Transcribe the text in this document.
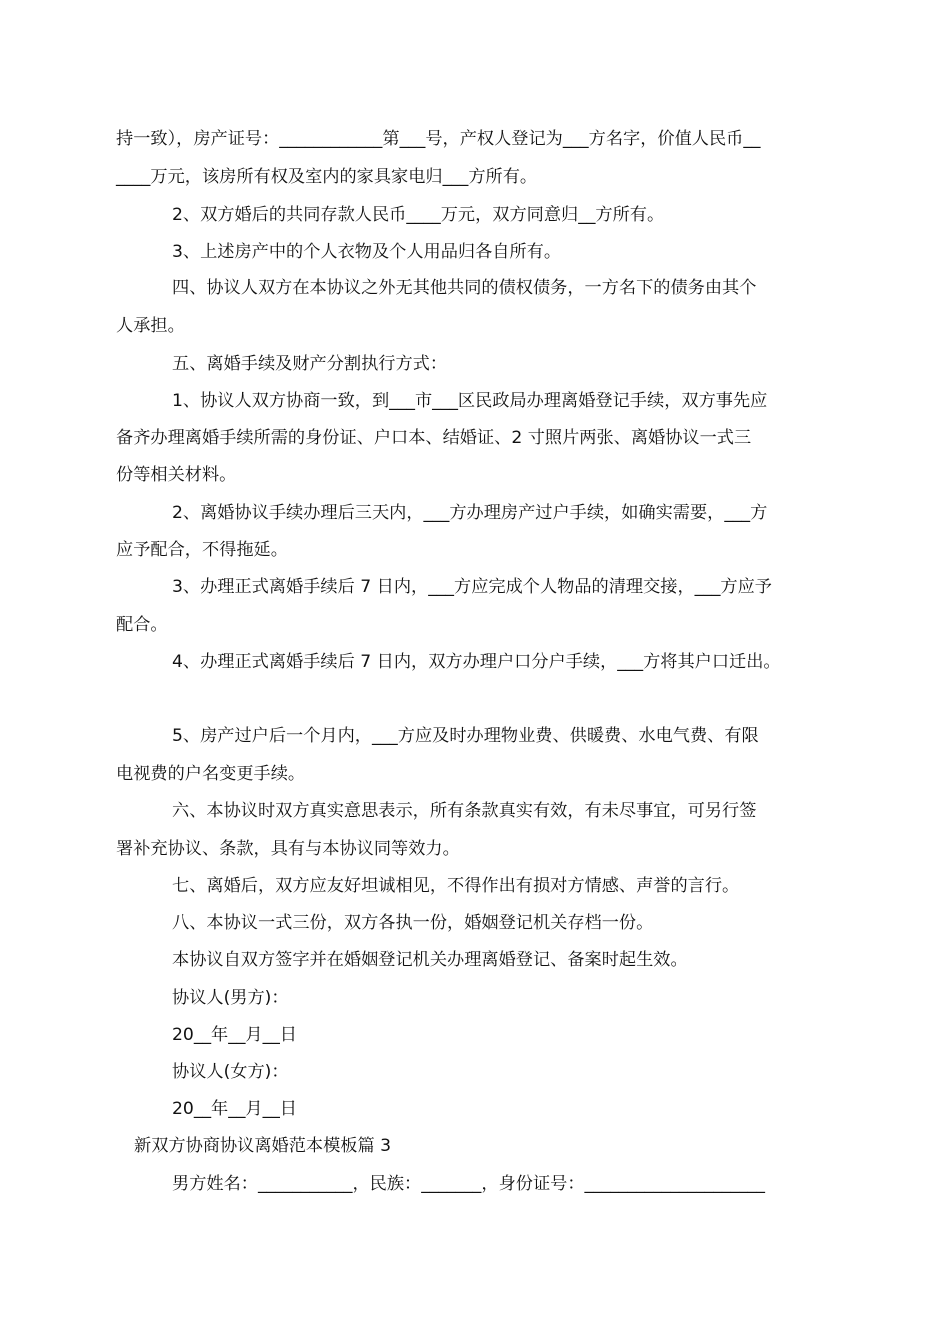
持一致），房产证号：____________第___号，产权人登记为___方名字，价值人民币__
____万元，该房所有权及室内的家具家电归___方所有。
2、双方婚后的共同存款人民币____万元，双方同意归__方所有。
3、上述房产中的个人衣物及个人用品归各自所有。
四、协议人双方在本协议之外无其他共同的债权债务，一方名下的债务由其个
人承担。
五、离婚手续及财产分割执行方式：
1、协议人双方协商一致，到___市___区民政局办理离婚登记手续，双方事先应
备齐办理离婚手续所需的身份证、户口本、结婚证、2 寸照片两张、离婚协议一式三
份等相关材料。
2、离婚协议手续办理后三天内，___方办理房产过户手续，如确实需要，___方
应予配合，不得拖延。
3、办理正式离婚手续后 7 日内，___方应完成个人物品的清理交接，___方应予
配合。
4、办理正式离婚手续后 7 日内，双方办理户口分户手续，___方将其户口迁出。
5、房产过户后一个月内，___方应及时办理物业费、供暖费、水电气费、有限
电视费的户名变更手续。
六、本协议时双方真实意思表示，所有条款真实有效，有未尽事宜，可另行签
署补充协议、条款，具有与本协议同等效力。
七、离婚后，双方应友好坦诚相见，不得作出有损对方情感、声誉的言行。
八、本协议一式三份，双方各执一份，婚姻登记机关存档一份。
本协议自双方签字并在婚姻登记机关办理离婚登记、备案时起生效。
协议人(男方)：
20__年__月__日
协议人(女方)：
20__年__月__日
新双方协商协议离婚范本模板篇 3
男方姓名：___________，民族：_______，身份证号：_____________________
